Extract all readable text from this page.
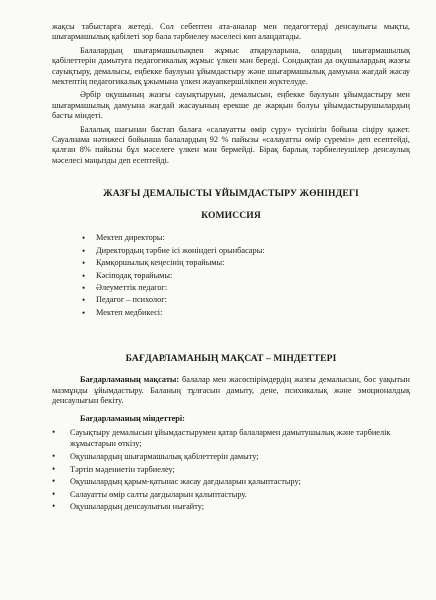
жақсы табыстарға жетеді. Сол себептен ата-аналар мен педагогтерді денсаулығы мықты, шығармашылық қабілеті зор бала тәрбиелеу мәселесі көп алаңдатады.

Балалардың шығармашылықпен жұмыс атқаруларына, олардың шығармашылық қабілеттерін дамытуға педагогикалық жұмыс үлкен мән береді. Сондықтан да оқушылардың жазғы сауықтыру, демалысы, еңбекке баулуын ұйымдастыру және шығармашылық дамуына жағдай жасау мектептің педагогикалық ұжымына үлкен жауапкершілікпен жүктелуде.

Әрбір оқушының жазғы сауықтыруын, демалысын, еңбекке баулуын ұйымдастыру мен шығармашылық дамуына жағдай жасауының ерекше де жарқын болуы ұйымдастырушылардың басты міндеті.

Балалық шағынан бастап балаға «салауатты өмір сүру» түсінігін бойына сіңіру қажет. Сауалнама нәтижесі бойынша балалардың 92 % пайызы «салауатты өмір сүреміз» деп есептейді, қалған 8% пайызы бұл мәселеге үлкен мән бермейді. Бірақ барлық тәрбиелеушілер денсаулық мәселесі маңызды деп есептейді.

ЖАЗҒЫ ДЕМАЛЫСТЫ ҰЙЫМДАСТЫРУ ЖӨНІНДЕГІ
КОМИССИЯ
• Мектеп директоры:
• Директордың тәрбие ісі жөніндегі орынбасары:
• Қамқоршылық кеңесінің төрайымы:
• Кәсіподақ төрайымы:
• Әлеуметтік педагог:
• Педагог – психолог:
• Мектеп медбикесі:
БАҒДАРЛАМАНЫҢ МАҚСАТ – МІНДЕТТЕРІ

Бағдарламаның мақсаты: балалар мен жасөспірімдердің жазғы демалысын, бос уақытын мазмұнды ұйымдастыру. Баланың тұлғасын дамыту, дене, психикалық және эмоционалдық денсаулығын бекіту.

Бағдарламаның міндеттері:
• Сауықтыру демалысын ұйымдастырумен қатар балалармен дамытушылық және тәрбиелік жұмыстарын өткізу;
• Оқушылардың шығармашылық қабілеттерін дамыту;
• Тәртіп мәдениетін тәрбиелеу;
• Оқушылардың қарым-қатынас жасау дағдыларын қалыптастыру;
• Салауатты өмір салты дағдыларын қалыптастыру.
• Оқушылардың денсаулығын нығайту;
